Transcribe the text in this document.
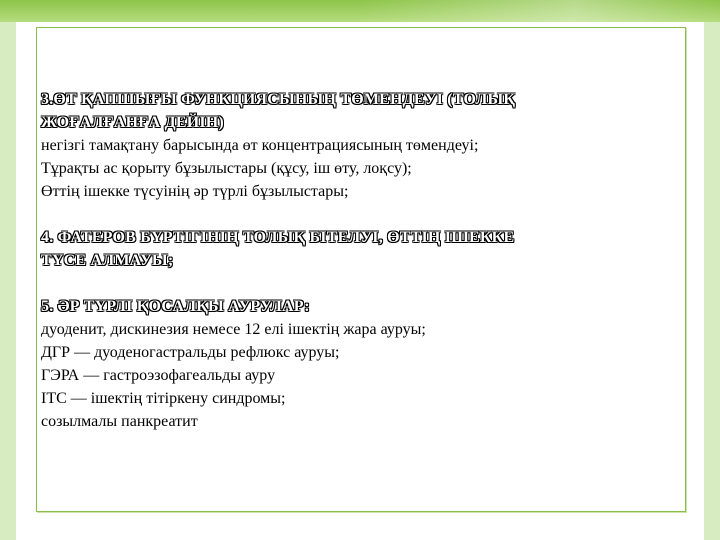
3.ӨТ ҚАПШЫҒЫ ФУНКЦИЯСЫНЫҢ ТӨМЕНДЕУІ (ТОЛЫҚ
ЖОҒАЛҒАНҒА ДЕЙІН)
негізгі тамақтану барысында өт концентрациясының төмендеуі;
Тұрақты ас қорыту бұзылыстары (құсу, іш өту, лоқсу);
Өттің ішекке түсуінің әр түрлі бұзылыстары;
4. ФАТЕРОВ БҮРТІГІНІҢ ТОЛЫҚ БІТЕЛУІ, ӨТТІҢ ІШЕККЕ
ТҮСЕ АЛМАУЫ;
5. ӘР ТҮРЛІ ҚОСАЛҚЫ АУРУЛАР:
дуоденит, дискинезия немесе 12 елі ішектің жара ауруы;
ДГР — дуоденогастральды рефлюкс ауруы;
ГЭРА — гастроэзофагеальды ауру
ІТС — ішектің тітіркену синдромы;
созылмалы панкреатит
